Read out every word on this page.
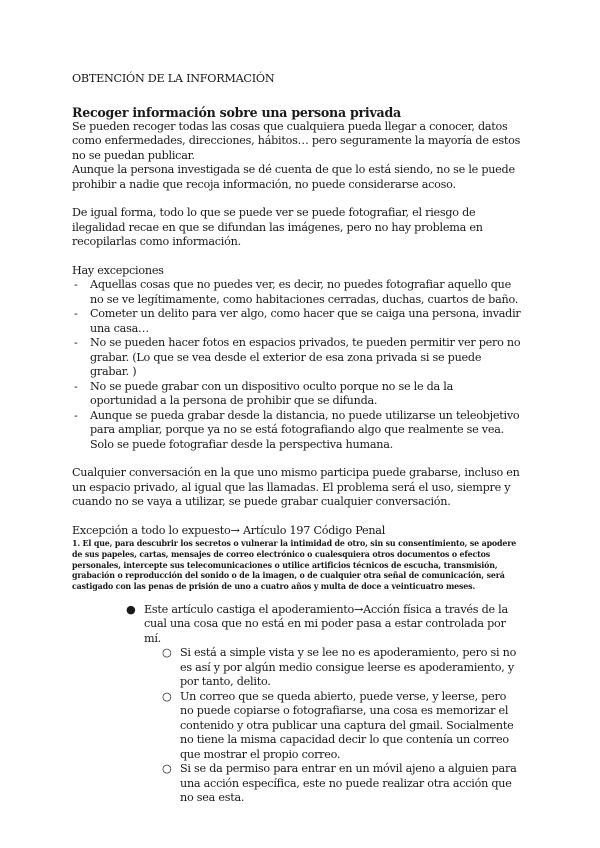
OBTENCIÓN DE LA INFORMACIÓN

Recoger información sobre una persona privada

Se pueden recoger todas las cosas que cualquiera pueda llegar a conocer, datos como enfermedades, direcciones, hábitos… pero seguramente la mayoría de estos no se puedan publicar.

Aunque la persona investigada se dé cuenta de que lo está siendo, no se le puede prohibir a nadie que recoja información, no puede considerarse acoso.

De igual forma, todo lo que se puede ver se puede fotografiar, el riesgo de ilegalidad recae en que se difundan las imágenes, pero no hay problema en recopilarlas como información.

Hay excepciones

- Aquellas cosas que no puedes ver, es decir, no puedes fotografiar aquello que no se ve legítimamente, como habitaciones cerradas, duchas, cuartos de baño.
- Cometer un delito para ver algo, como hacer que se caiga una persona, invadir una casa…
- No se pueden hacer fotos en espacios privados, te pueden permitir ver pero no grabar. (Lo que se vea desde el exterior de esa zona privada si se puede grabar. )
- No se puede grabar con un dispositivo oculto porque no se le da la oportunidad a la persona de prohibir que se difunda.
- Aunque se pueda grabar desde la distancia, no puede utilizarse un teleobjetivo para ampliar, porque ya no se está fotografiando algo que realmente se vea. Solo se puede fotografiar desde la perspectiva humana.

Cualquier conversación en la que uno mismo participa puede grabarse, incluso en un espacio privado, al igual que las llamadas. El problema será el uso, siempre y cuando no se vaya a utilizar, se puede grabar cualquier conversación.

Excepción a todo lo expuesto→ Artículo 197 Código Penal

1. El que, para descubrir los secretos o vulnerar la intimidad de otro, sin su consentimiento, se apodere de sus papeles, cartas, mensajes de correo electrónico o cualesquiera otros documentos o efectos personales, intercepte sus telecomunicaciones o utilice artificios técnicos de escucha, transmisión, grabación o reproducción del sonido o de la imagen, o de cualquier otra señal de comunicación, será castigado con las penas de prisión de uno a cuatro años y multa de doce a veinticuatro meses.

● Este artículo castiga el apoderamiento→Acción física a través de la cual una cosa que no está en mi poder pasa a estar controlada por mí.
○ Si está a simple vista y se lee no es apoderamiento, pero si no es así y por algún medio consigue leerse es apoderamiento, y por tanto, delito.
○ Un correo que se queda abierto, puede verse, y leerse, pero no puede copiarse o fotografiarse, una cosa es memorizar el contenido y otra publicar una captura del gmail. Socialmente no tiene la misma capacidad decir lo que contenía un correo que mostrar el propio correo.
○ Si se da permiso para entrar en un móvil ajeno a alguien para una acción específica, este no puede realizar otra acción que no sea esta.
